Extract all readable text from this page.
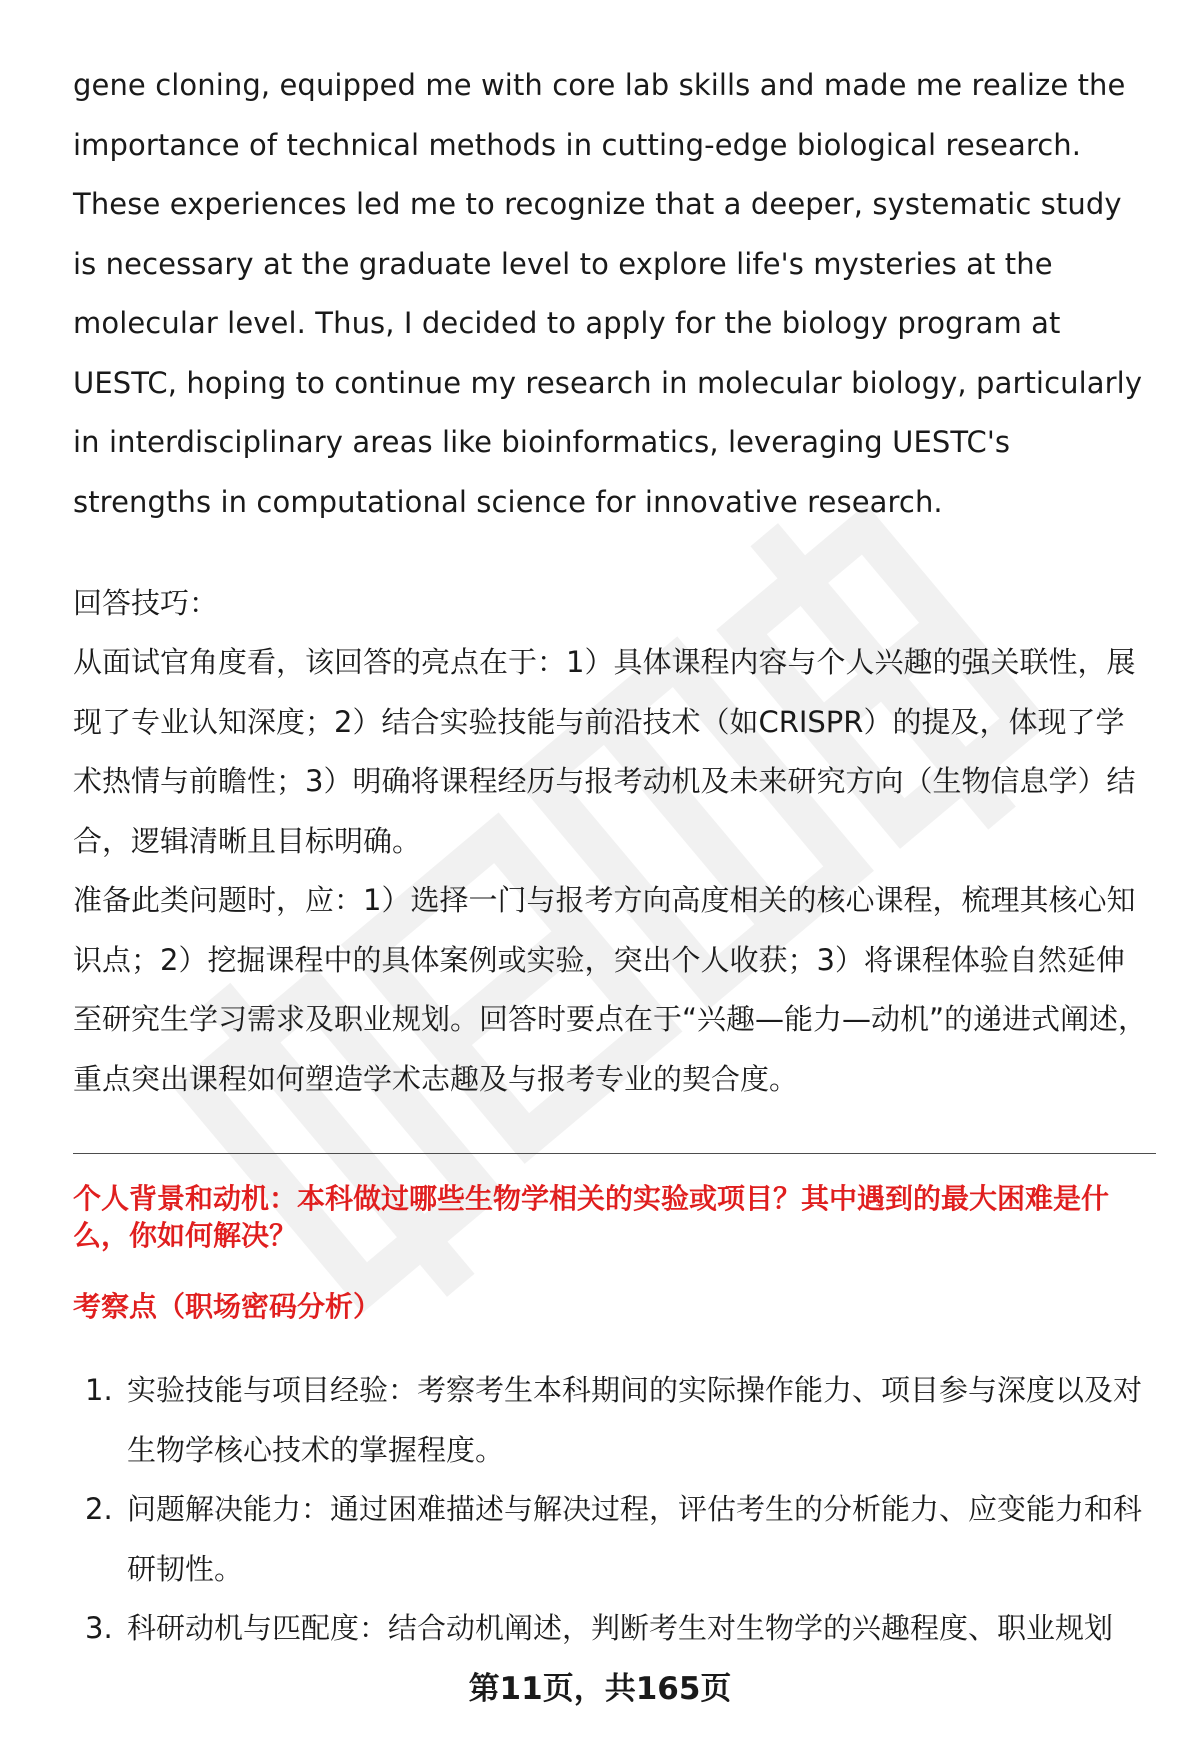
gene cloning, equipped me with core lab skills and made me realize the importance of technical methods in cutting-edge biological research. These experiences led me to recognize that a deeper, systematic study is necessary at the graduate level to explore life's mysteries at the molecular level. Thus, I decided to apply for the biology program at UESTC, hoping to continue my research in molecular biology, particularly in interdisciplinary areas like bioinformatics, leveraging UESTC's strengths in computational science for innovative research.

回答技巧：

从面试官角度看，该回答的亮点在于：1）具体课程内容与个人兴趣的强关联性，展现了专业认知深度；2）结合实验技能与前沿技术（如CRISPR）的提及，体现了学术热情与前瞻性；3）明确将课程经历与报考动机及未来研究方向（生物信息学）结合，逻辑清晰且目标明确。

准备此类问题时，应：1）选择一门与报考方向高度相关的核心课程，梳理其核心知识点；2）挖掘课程中的具体案例或实验，突出个人收获；3）将课程体验自然延伸至研究生学习需求及职业规划。回答时要点在于“兴趣—能力—动机”的递进式阐述，重点突出课程如何塑造学术志趣及与报考专业的契合度。

个人背景和动机：本科做过哪些生物学相关的实验或项目？其中遇到的最大困难是什么，你如何解决？

考察点（职场密码分析）

1. 实验技能与项目经验：考察考生本科期间的实际操作能力、项目参与深度以及对生物学核心技术的掌握程度。
2. 问题解决能力：通过困难描述与解决过程，评估考生的分析能力、应变能力和科研韧性。
3. 科研动机与匹配度：结合动机阐述，判断考生对生物学的兴趣程度、职业规划
第11页，共165页
